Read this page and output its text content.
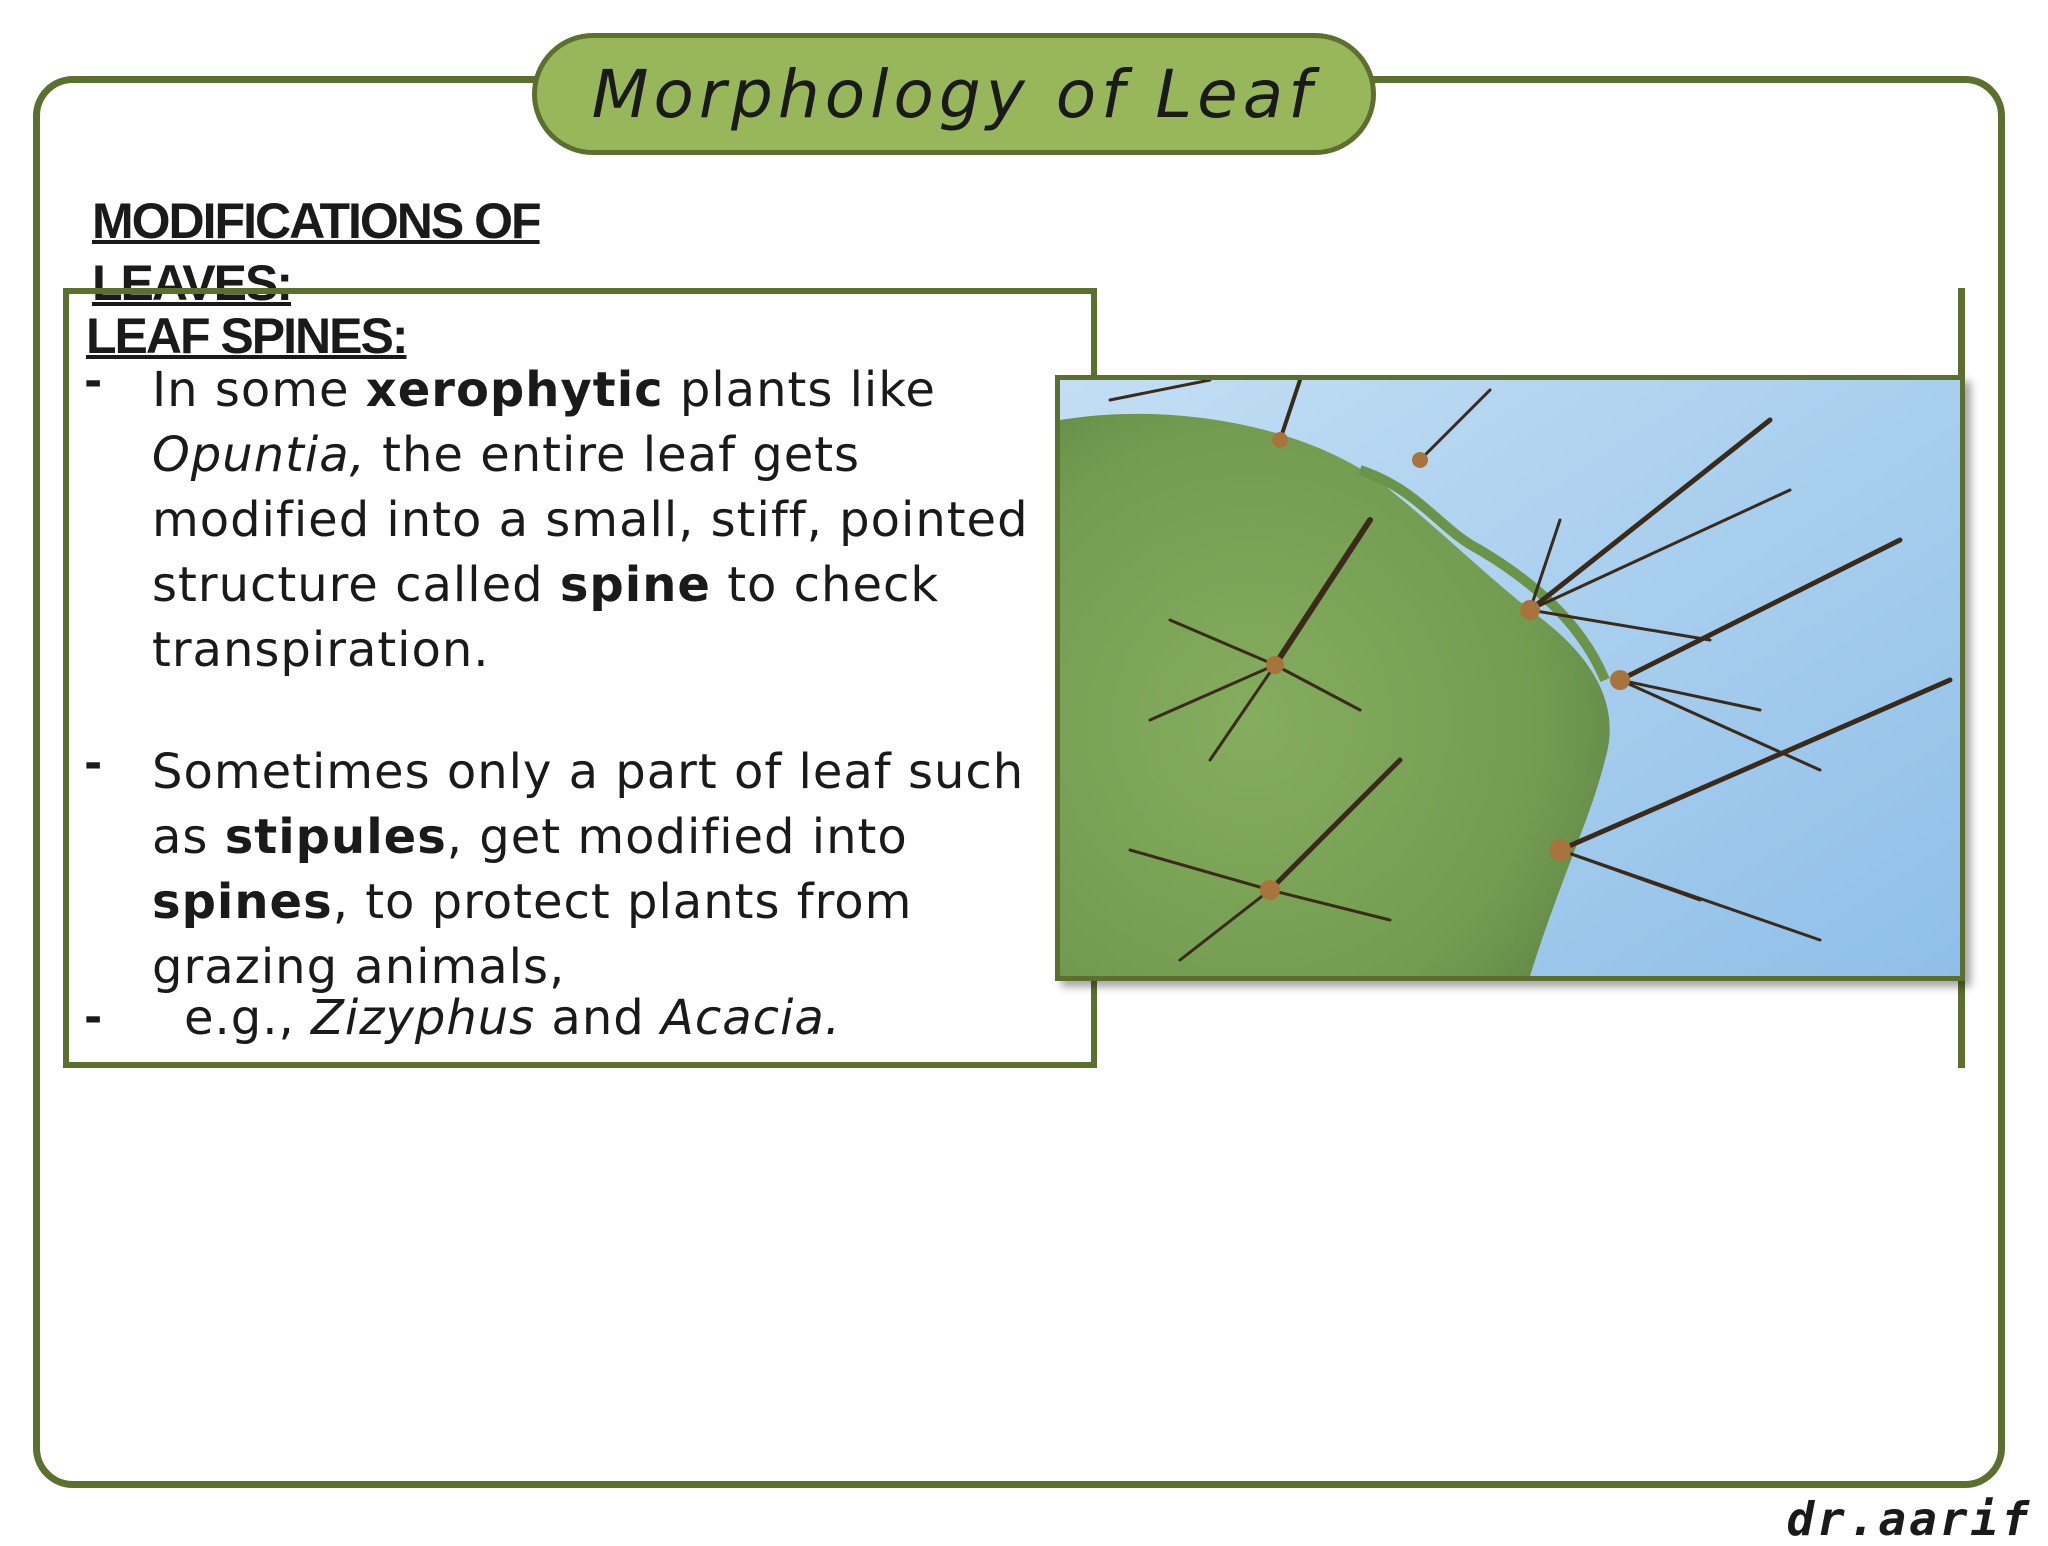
Morphology of Leaf
MODIFICATIONS OF LEAVES:
LEAF SPINES:
- In some xerophytic plants like Opuntia, the entire leaf gets modified into a small, stiff, pointed structure called spine to check transpiration.
- Sometimes only a part of leaf such as stipules, get modified into spines, to protect plants from grazing animals,
- e.g., Zizyphus and Acacia.
dr.aarif
